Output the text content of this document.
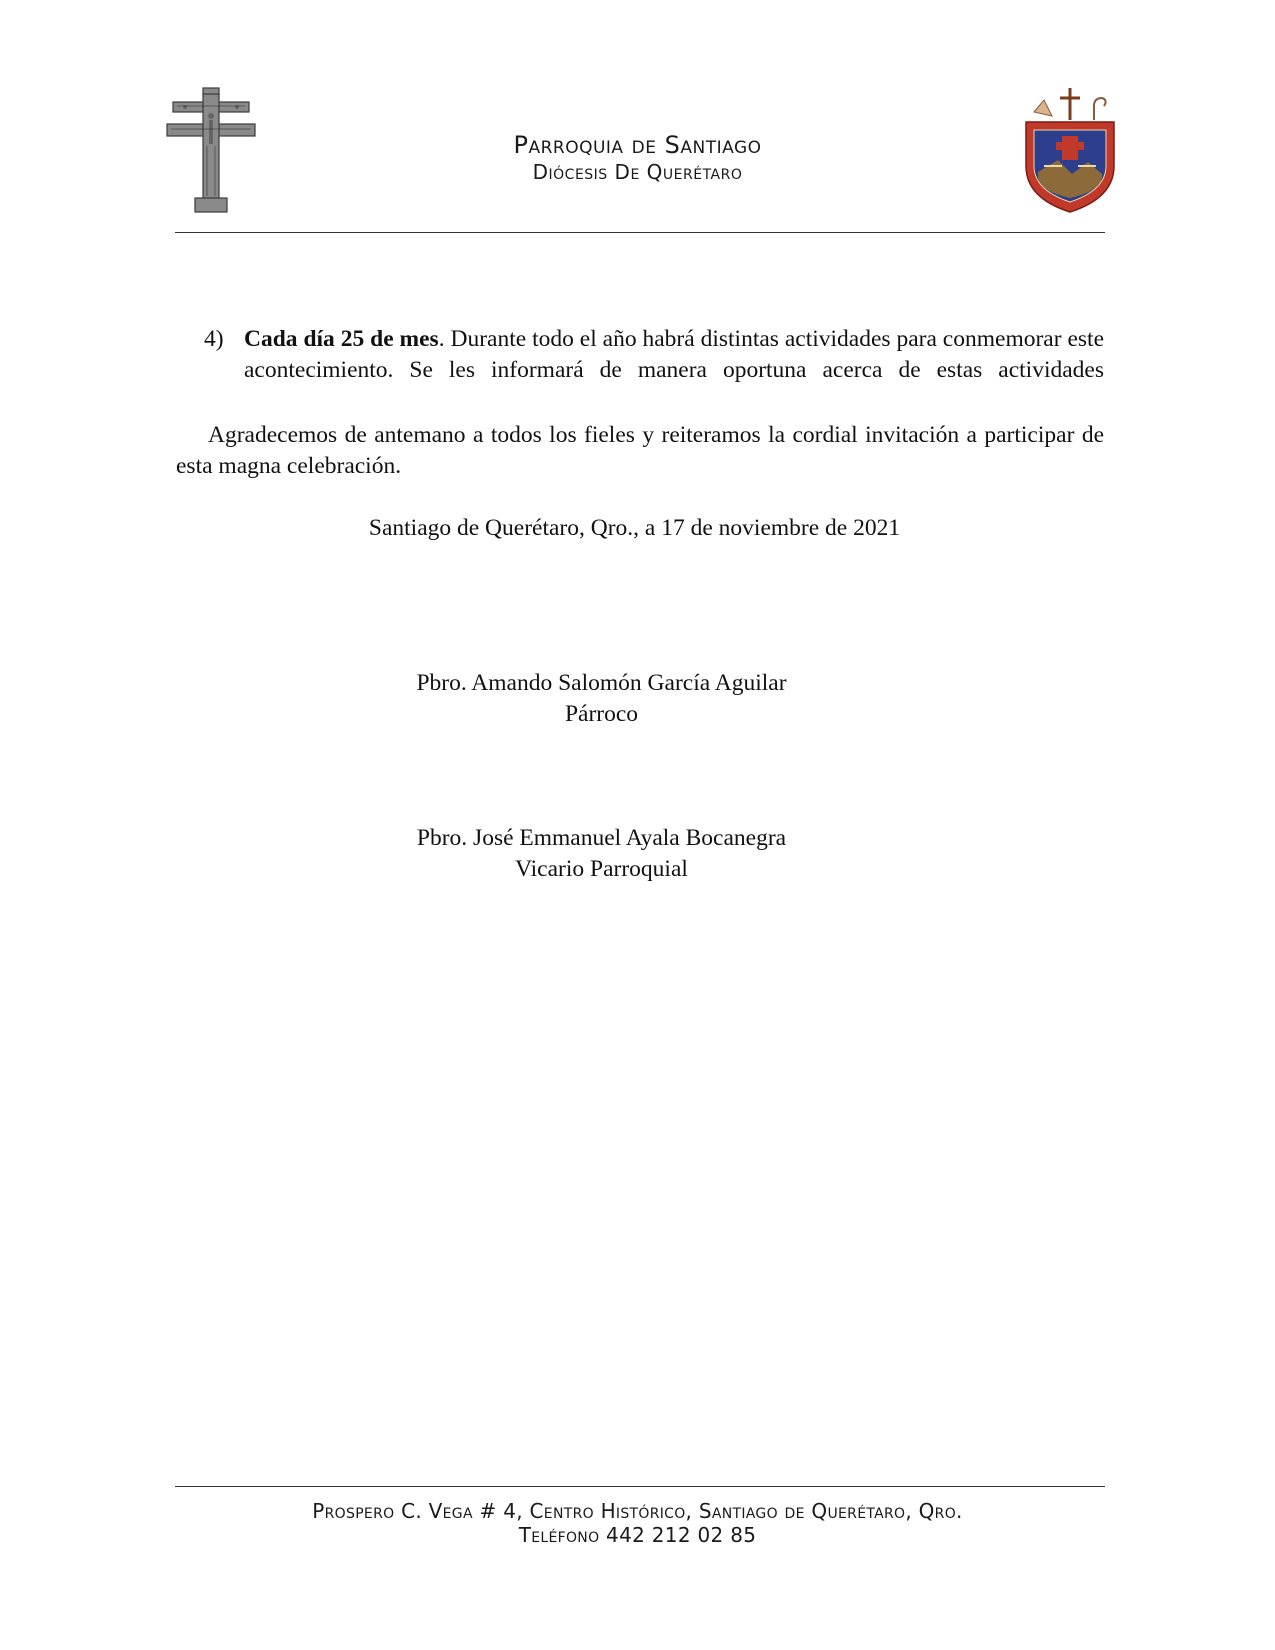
Parroquia de Santiago
Diócesis De Querétaro
4) Cada día 25 de mes. Durante todo el año habrá distintas actividades para conmemorar este acontecimiento. Se les informará de manera oportuna acerca de estas actividades
Agradecemos de antemano a todos los fieles y reiteramos la cordial invitación a participar de esta magna celebración.
Santiago de Querétaro, Qro., a 17 de noviembre de 2021
Pbro. Amando Salomón García Aguilar
Párroco
Pbro. José Emmanuel Ayala Bocanegra
Vicario Parroquial
Prospero C. Vega # 4, Centro Histórico, Santiago de Querétaro, Qro.
Teléfono 442 212 02 85
